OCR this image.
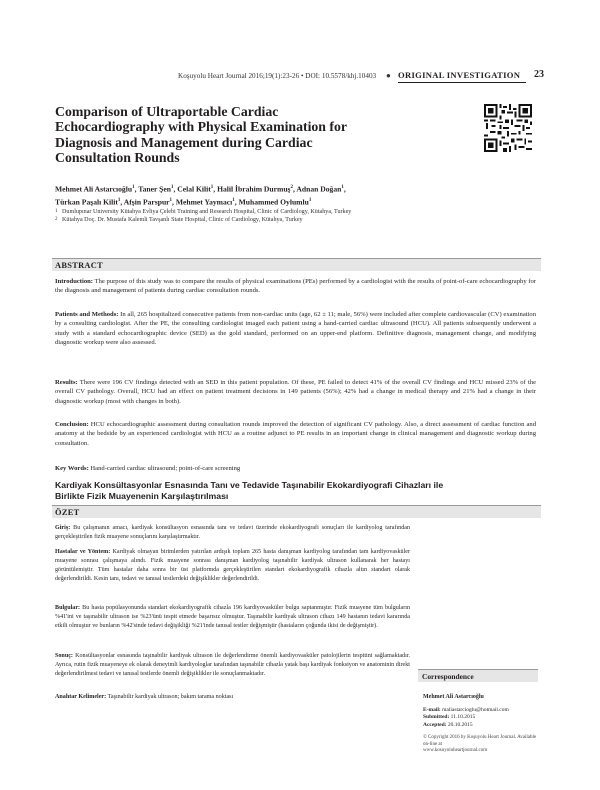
Koşuyolu Heart Journal 2016;19(1):23-26 • DOI: 10.5578/khj.10403 ● ORIGINAL INVESTIGATION 23
Comparison of Ultraportable Cardiac Echocardiography with Physical Examination for Diagnosis and Management during Cardiac Consultation Rounds
Mehmet Ali Astarcıoğlu$^1$, Taner Şen$^1$, Celal Kilit$^1$, Halil İbrahim Durmuş$^2$, Adnan Doğan$^1$,
Türkan Paşalı Kilit$^1$, Afşin Parspur$^1$, Mehmet Yaymacı$^1$, Muhammed Oylumlu$^1$
1 Dumlupınar University Kütahya Evliya Çelebi Training and Research Hospital, Clinic of Cardiology, Kütahya, Turkey
2 Kütahya Doç. Dr. Mustafa Kalemli Tavşanlı State Hospital, Clinic of Cardiology, Kütahya, Turkey
ABSTRACT
Introduction: The purpose of this study was to compare the results of physical examinations (PEs) performed by a cardiologist with the results of point-of-care echocardiography for the diagnosis and management of patients during cardiac consultation rounds.
Patients and Methods: In all, 265 hospitalized consecutive patients from non-cardiac units (age, 62 ± 11; male, 56%) were included after complete cardiovascular (CV) examination by a consulting cardiologist. After the PE, the consulting cardiologist imaged each patient using a hand-carried cardiac ultrasound (HCU). All patients subsequently underwent a study with a standard echocardiographic device (SED) as the gold standard, performed on an upper-end platform. Definitive diagnosis, management change, and modifying diagnostic workup were also assessed.
Results: There were 196 CV findings detected with an SED in this patient population. Of these, PE failed to detect 41% of the overall CV findings and HCU missed 23% of the overall CV pathology. Overall, HCU had an effect on patient treatment decisions in 149 patients (56%); 42% had a change in medical therapy and 21% had a change in their diagnostic workup (most with changes in both).
Conclusion: HCU echocardiographic assessment during consultation rounds improved the detection of significant CV pathology. Also, a direct assessment of cardiac function and anatomy at the bedside by an experienced cardiologist with HCU as a routine adjunct to PE results in an important change in clinical management and diagnostic workup during consultation.
Key Words: Hand-carried cardiac ultrasound; point-of-care screening
Kardiyak Konsültasyonlar Esnasında Tanı ve Tedavide Taşınabilir Ekokardiyografi Cihazları ile Birlikte Fizik Muayenenin Karşılaştırılması
ÖZET
Giriş: Bu çalışmanın amacı, kardiyak konsültasyon esnasında tanı ve tedavi üzerinde ekokardiyografi sonuçları ile kardiyolog tarafından gerçekleştirilen fizik muayene sonuçlarını karşılaştırmaktır.
Hastalar ve Yöntem: Kardiyak olmayan birimlerden yatırılan ardışık toplam 265 hasta danışman kardiyolog tarafından tam kardiyovasküler muayene sonrası çalışmaya alındı. Fizik muayene sonrası danışman kardiyolog taşınabilir kardiyak ultrason kullanarak her hastayı görüntülemiştir. Tüm hastalar daha sonra bir üst platformda gerçekleştirilen standart ekokardiyografik cihazla altın standart olarak değerlendirildi. Kesin tanı, tedavi ve tanısal testlerdeki değişiklikler değerlendirildi.
Bulgular: Bu hasta popülasyonunda standart ekokardiyografik cihazla 196 kardiyovasküler bulgu saptanmıştır. Fizik muayene tüm bulguların %41'ini ve taşınabilir ultrason ise %23'ünü tespit etmede başarısız olmuştur. Taşınabilir kardiyak ultrason cihazı 149 hastanın tedavi kararında etkili olmuştur ve bunların %42'sinde tedavi değişikliği %21'inde tanısal testler değişmiştir (hastaların çoğunda ikisi de değişmiştir).
Sonuç: Konsültasyonlar esnasında taşınabilir kardiyak ultrason ile değerlendirme önemli kardiyovasküler patolojilerin tespitini sağlamaktadır. Ayrıca, rutin fizik muayeneye ek olarak deneyimli kardiyologlar tarafından taşınabilir cihazla yatak başı kardiyak fonksiyon ve anatominin direkt değerlendirilmesi tedavi ve tanısal testlerde önemli değişiklikler ile sonuçlanmaktadır.
Anahtar Kelimeler: Taşınabilir kardiyak ultrason; bakım tarama noktası
Correspondence
Mehmet Ali Astarcıoğlu
E-mail: maliastarcioglu@hotmail.com
Submitted: 11.10.2015
Accepted: 20.10.2015
© Copyright 2016 by Koşuyolu Heart Journal. Available on-line at
www.kosuyoluheartjournal.com
